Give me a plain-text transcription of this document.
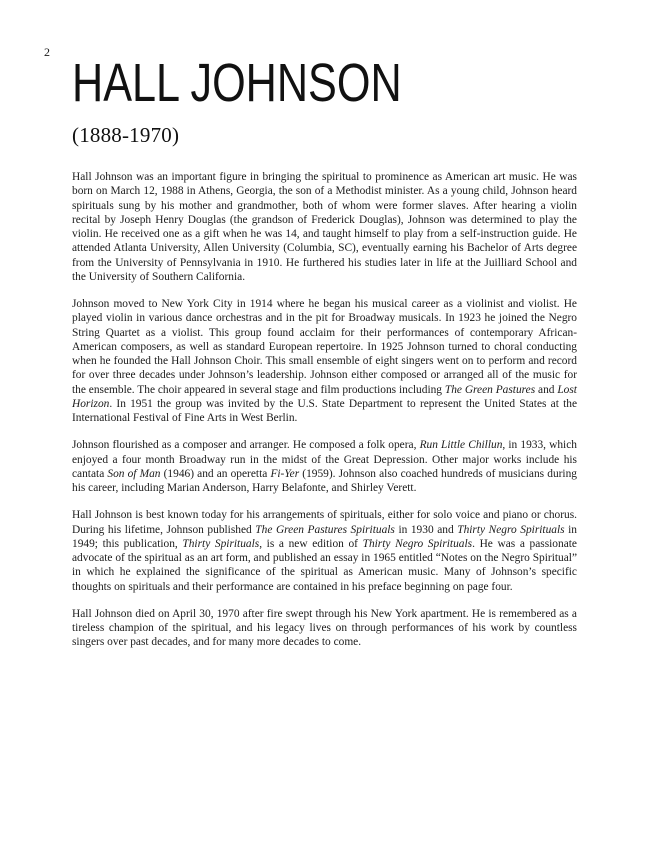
2
HALL JOHNSON
(1888-1970)

Hall Johnson was an important figure in bringing the spiritual to prominence as American art music. He was born on March 12, 1988 in Athens, Georgia, the son of a Methodist minister. As a young child, Johnson heard spirituals sung by his mother and grandmother, both of whom were former slaves. After hearing a violin recital by Joseph Henry Douglas (the grandson of Frederick Douglas), Johnson was determined to play the violin. He received one as a gift when he was 14, and taught himself to play from a self-instruction guide. He attended Atlanta University, Allen University (Columbia, SC), eventually earning his Bachelor of Arts degree from the University of Pennsylvania in 1910. He furthered his studies later in life at the Juilliard School and the University of Southern California.

Johnson moved to New York City in 1914 where he began his musical career as a violinist and violist. He played violin in various dance orchestras and in the pit for Broadway musicals. In 1923 he joined the Negro String Quartet as a violist. This group found acclaim for their performances of contemporary African-American composers, as well as standard European repertoire. In 1925 Johnson turned to choral conducting when he founded the Hall Johnson Choir. This small ensemble of eight singers went on to perform and record for over three decades under Johnson’s leadership. Johnson either composed or arranged all of the music for the ensemble. The choir appeared in several stage and film productions including The Green Pastures and Lost Horizon. In 1951 the group was invited by the U.S. State Department to represent the United States at the International Festival of Fine Arts in West Berlin.

Johnson flourished as a composer and arranger. He composed a folk opera, Run Little Chillun, in 1933, which enjoyed a four month Broadway run in the midst of the Great Depression. Other major works include his cantata Son of Man (1946) and an operetta Fi-Yer (1959). Johnson also coached hundreds of musicians during his career, including Marian Anderson, Harry Belafonte, and Shirley Verett.

Hall Johnson is best known today for his arrangements of spirituals, either for solo voice and piano or chorus. During his lifetime, Johnson published The Green Pastures Spirituals in 1930 and Thirty Negro Spirituals in 1949; this publication, Thirty Spirituals, is a new edition of Thirty Negro Spirituals. He was a passionate advocate of the spiritual as an art form, and published an essay in 1965 entitled “Notes on the Negro Spiritual” in which he explained the significance of the spiritual as American music. Many of Johnson’s specific thoughts on spirituals and their performance are contained in his preface beginning on page four.

Hall Johnson died on April 30, 1970 after fire swept through his New York apartment. He is remembered as a tireless champion of the spiritual, and his legacy lives on through performances of his work by countless singers over past decades, and for many more decades to come.
